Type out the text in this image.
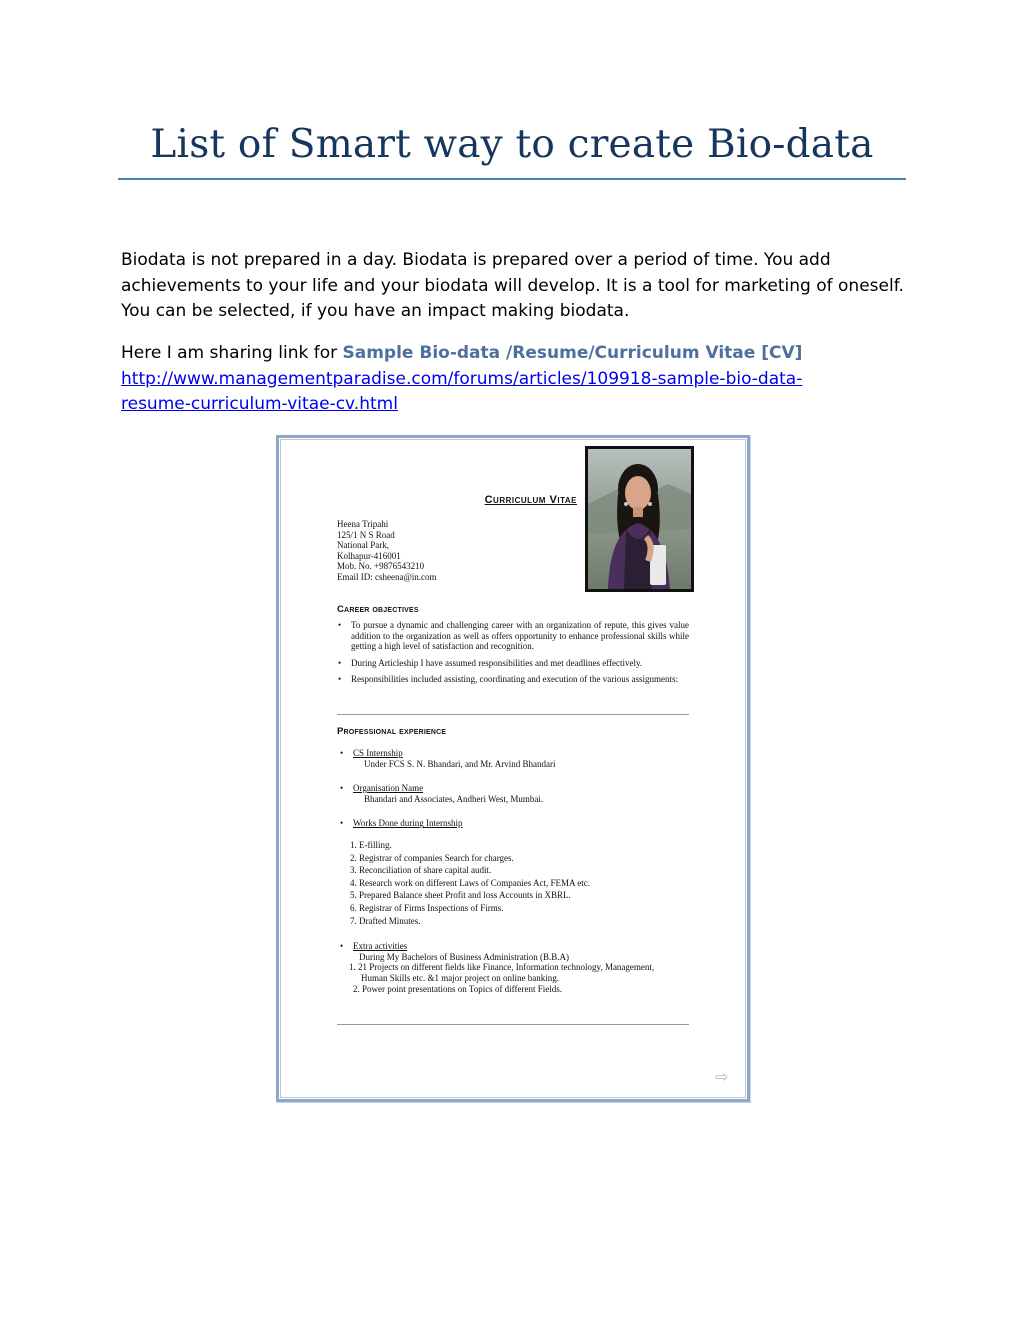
List of Smart way to create Bio-data

Biodata is not prepared in a day. Biodata is prepared over a period of time. You add achievements to your life and your biodata will develop. It is a tool for marketing of oneself. You can be selected, if you have an impact making biodata.

Here I am sharing link for Sample Bio-data /Resume/Curriculum Vitae [CV]

http://www.managementparadise.com/forums/articles/109918-sample-bio-data-
resume-curriculum-vitae-cv.html

Curriculum Vitae
Heena Tripahi
125/1 N S Road
National Park,
Kolhapur-416001
Mob. No. +9876543210
Email ID: csheena@in.com
Career objectives
• To pursue a dynamic and challenging career with an organization of repute, this gives value addition to the organization as well as offers opportunity to enhance professional skills while getting a high level of satisfaction and recognition.
• During Articleship I have assumed responsibilities and met deadlines effectively.
• Responsibilities included assisting, coordinating and execution of the various assignments:
Professional experience
• CS Internship
Under FCS S. N. Bhandari, and Mr. Arvind Bhandari
• Organisation Name
Bhandari and Associates, Andheri West, Mumbai.
• Works Done during Internship
1. E-filling.
2. Registrar of companies Search for charges.
3. Reconciliation of share capital audit.
4. Research work on different Laws of Companies Act, FEMA etc.
5. Prepared Balance sheet Profit and loss Accounts in XBRL.
6. Registrar of Firms Inspections of Firms.
7. Drafted Minutes.
• Extra activities
During My Bachelors of Business Administration (B.B.A)
1. 21 Projects on different fields like Finance, Information technology, Management,
Human Skills etc. &1 major project on online banking.
2. Power point presentations on Topics of different Fields.
⇨
